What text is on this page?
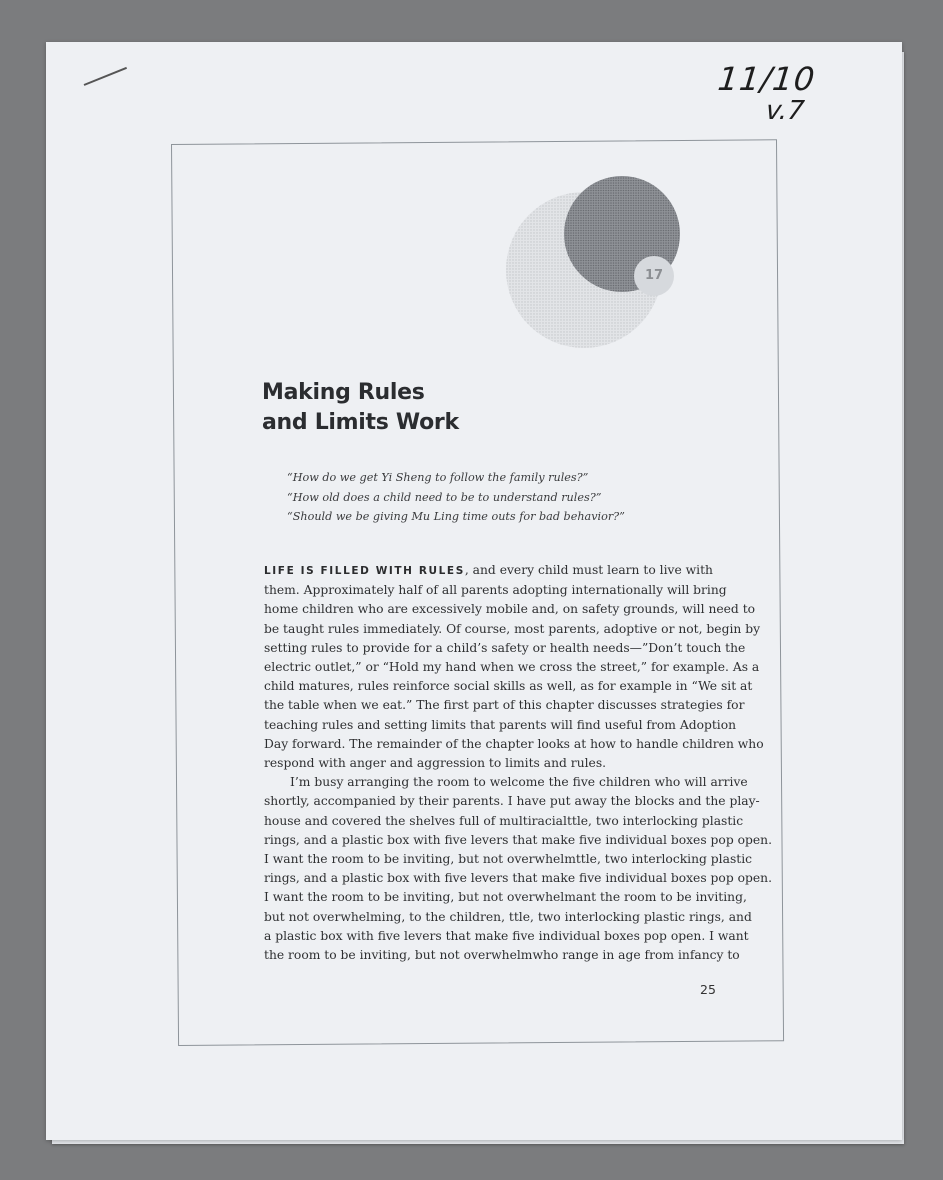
11/10
v.7
17
Making Rules
and Limits Work
“How do we get Yi Sheng to follow the family rules?”
“How old does a child need to be to understand rules?”
“Should we be giving Mu Ling time outs for bad behavior?”
LIFE IS FILLED WITH RULES, and every child must learn to live with
them. Approximately half of all parents adopting internationally will bring
home children who are excessively mobile and, on safety grounds, will need to
be taught rules immediately. Of course, most parents, adoptive or not, begin by
setting rules to provide for a child’s safety or health needs—”Don’t touch the
electric outlet,” or “Hold my hand when we cross the street,” for example. As a
child matures, rules reinforce social skills as well, as for example in “We sit at
the table when we eat.” The first part of this chapter discusses strategies for
teaching rules and setting limits that parents will find useful from Adoption
Day forward. The remainder of the chapter looks at how to handle children who
respond with anger and aggression to limits and rules.
I’m busy arranging the room to welcome the five children who will arrive
shortly, accompanied by their parents. I have put away the blocks and the play-
house and covered the shelves full of multiracialttle, two interlocking plastic
rings, and a plastic box with five levers that make five individual boxes pop open.
I want the room to be inviting, but not overwhelmttle, two interlocking plastic
rings, and a plastic box with five levers that make five individual boxes pop open.
I want the room to be inviting, but not overwhelmant the room to be inviting,
but not overwhelming, to the children, ttle, two interlocking plastic rings, and
a plastic box with five levers that make five individual boxes pop open. I want
the room to be inviting, but not overwhelmwho range in age from infancy to
25
